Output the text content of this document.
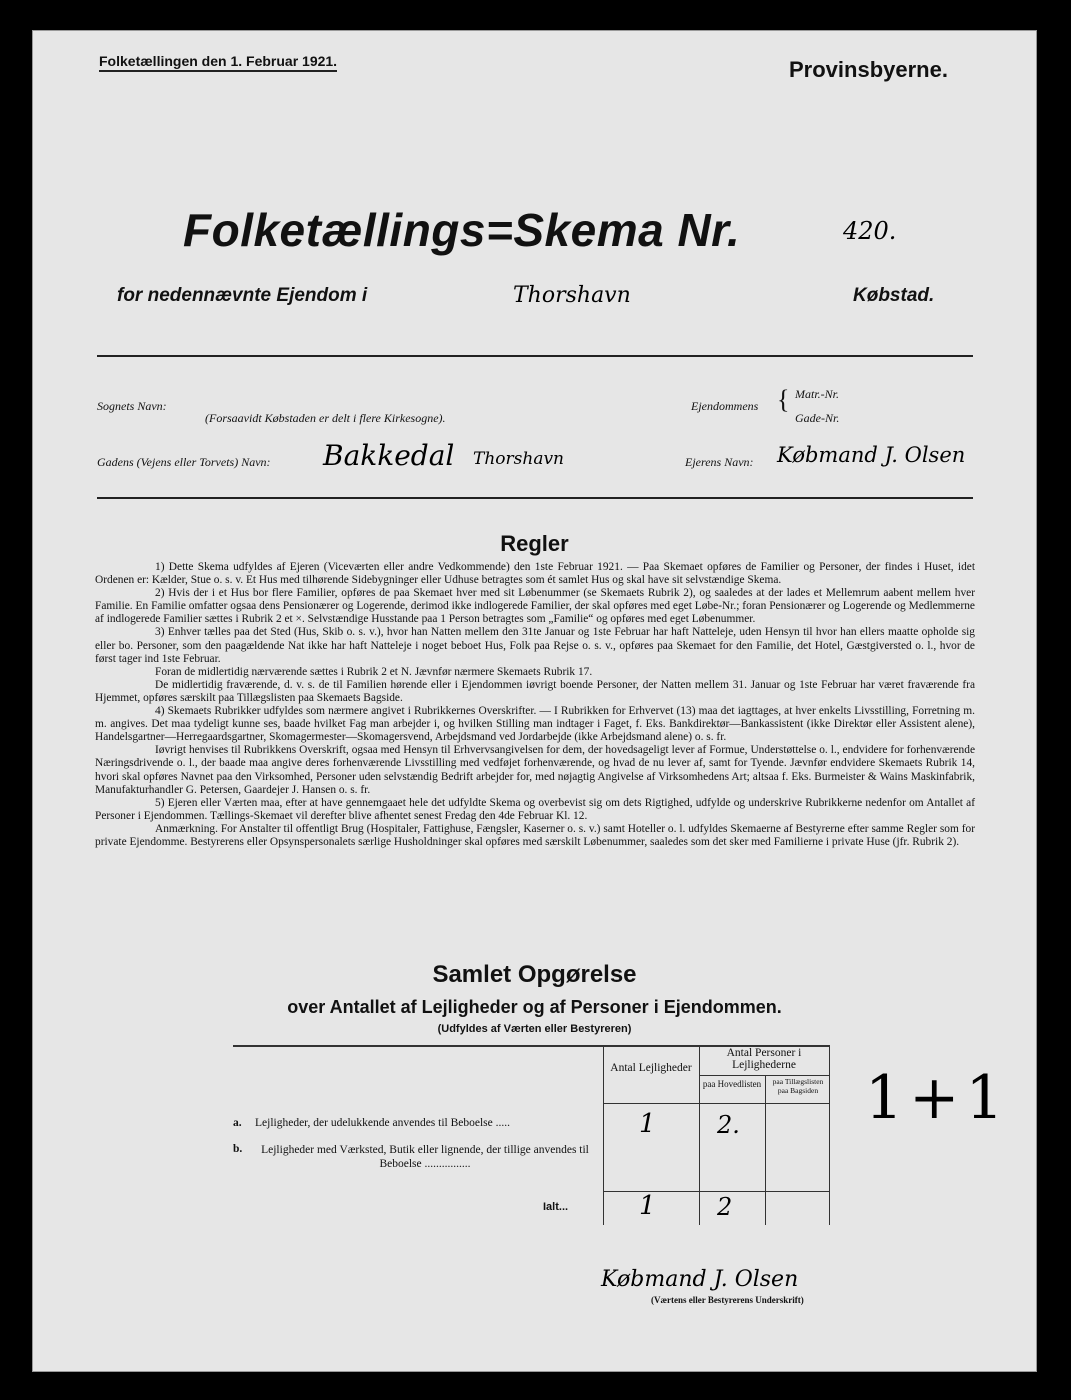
Folketællingen den 1. Februar 1921.	Provinsbyerne.
Folketællings=Skema Nr.	420.
for nedennævnte Ejendom i	Thorshavn	Købstad.
Sognets Navn:
(Forsaavidt Købstaden er delt i flere Kirkesogne).
Ejendommens { Matr.-Nr.
Gade-Nr.
Gadens (Vejens eller Torvets) Navn: Bakkedal Thorshavn	Ejerens Navn: Købmand J. Olsen
Regler

1) Dette Skema udfyldes af Ejeren (Viceværten eller andre Vedkommende) den 1ste Februar 1921. — Paa Skemaet opføres de Familier og Personer, der findes i Huset, idet Ordenen er: Kælder, Stue o. s. v. Et Hus med tilhørende Sidebygninger eller Udhuse betragtes som ét samlet Hus og skal have sit selvstændige Skema.

2) Hvis der i et Hus bor flere Familier, opføres de paa Skemaet hver med sit Løbenummer (se Skemaets Rubrik 2), og saaledes at der lades et Mellemrum aabent mellem hver Familie. En Familie omfatter ogsaa dens Pensionærer og Logerende, derimod ikke indlogerede Familier, der skal opføres med eget Løbe-Nr.; foran Pensionærer og Logerende og Medlemmerne af indlogerede Familier sættes i Rubrik 2 et ×. Selvstændige Husstande paa 1 Person betragtes som „Familie“ og opføres med eget Løbenummer.

3) Enhver tælles paa det Sted (Hus, Skib o. s. v.), hvor han Natten mellem den 31te Januar og 1ste Februar har haft Natteleje, uden Hensyn til hvor han ellers maatte opholde sig eller bo. Personer, som den paagældende Nat ikke har haft Natteleje i noget beboet Hus, Folk paa Rejse o. s. v., opføres paa Skemaet for den Familie, det Hotel, Gæstgiversted o. l., hvor de først tager ind 1ste Februar.

Foran de midlertidig nærværende sættes i Rubrik 2 et N. Jævnfør nærmere Skemaets Rubrik 17.

De midlertidig fraværende, d. v. s. de til Familien hørende eller i Ejendommen iøvrigt boende Personer, der Natten mellem 31. Januar og 1ste Februar har været fraværende fra Hjemmet, opføres særskilt paa Tillægslisten paa Skemaets Bagside.

4) Skemaets Rubrikker udfyldes som nærmere angivet i Rubrikkernes Overskrifter. — I Rubrikken for Erhvervet (13) maa det iagttages, at hver enkelts Livsstilling, Forretning m. m. angives. Det maa tydeligt kunne ses, baade hvilket Fag man arbejder i, og hvilken Stilling man indtager i Faget, f. Eks. Bankdirektør—Bankassistent (ikke Direktør eller Assistent alene), Handelsgartner—Herregaardsgartner, Skomagermester—Skomagersvend, Arbejdsmand ved Jordarbejde (ikke Arbejdsmand alene) o. s. fr.

Iøvrigt henvises til Rubrikkens Overskrift, ogsaa med Hensyn til Erhvervsangivelsen for dem, der hovedsageligt lever af Formue, Understøttelse o. l., endvidere for forhenværende Næringsdrivende o. l., der baade maa angive deres forhenværende Livsstilling med vedføjet forhenværende, og hvad de nu lever af, samt for Tyende. Jævnfør endvidere Skemaets Rubrik 14, hvori skal opføres Navnet paa den Virksomhed, Personer uden selvstændig Bedrift arbejder for, med nøjagtig Angivelse af Virksomhedens Art; altsaa f. Eks. Burmeister & Wains Maskinfabrik, Manufakturhandler G. Petersen, Gaardejer J. Hansen o. s. fr.

5) Ejeren eller Værten maa, efter at have gennemgaaet hele det udfyldte Skema og overbevist sig om dets Rigtighed, udfylde og underskrive Rubrikkerne nedenfor om Antallet af Personer i Ejendommen. Tællings-Skemaet vil derefter blive afhentet senest Fredag den 4de Februar Kl. 12.

Anmærkning. For Anstalter til offentligt Brug (Hospitaler, Fattighuse, Fængsler, Kaserner o. s. v.) samt Hoteller o. l. udfyldes Skemaerne af Bestyrerne efter samme Regler som for private Ejendomme. Bestyrerens eller Opsynspersonalets særlige Husholdninger skal opføres med særskilt Løbenummer, saaledes som det sker med Familierne i private Huse (jfr. Rubrik 2).

Samlet Opgørelse
over Antallet af Lejligheder og af Personer i Ejendommen.
(Udfyldes af Værten eller Bestyreren)
Antal Lejligheder
Antal Personer i Lejlighederne
paa Hovedlisten	paa Tillægslisten paa Bagsiden
a. Lejligheder, der udelukkende anvendes til Beboelse .....	1	2.
b.	Lejligheder med Værksted, Butik eller lignende, der tillige anvendes til Beboelse ................
Ialt...	1	2
1+1
Købmand J. Olsen
(Værtens eller Bestyrerens Underskrift)
